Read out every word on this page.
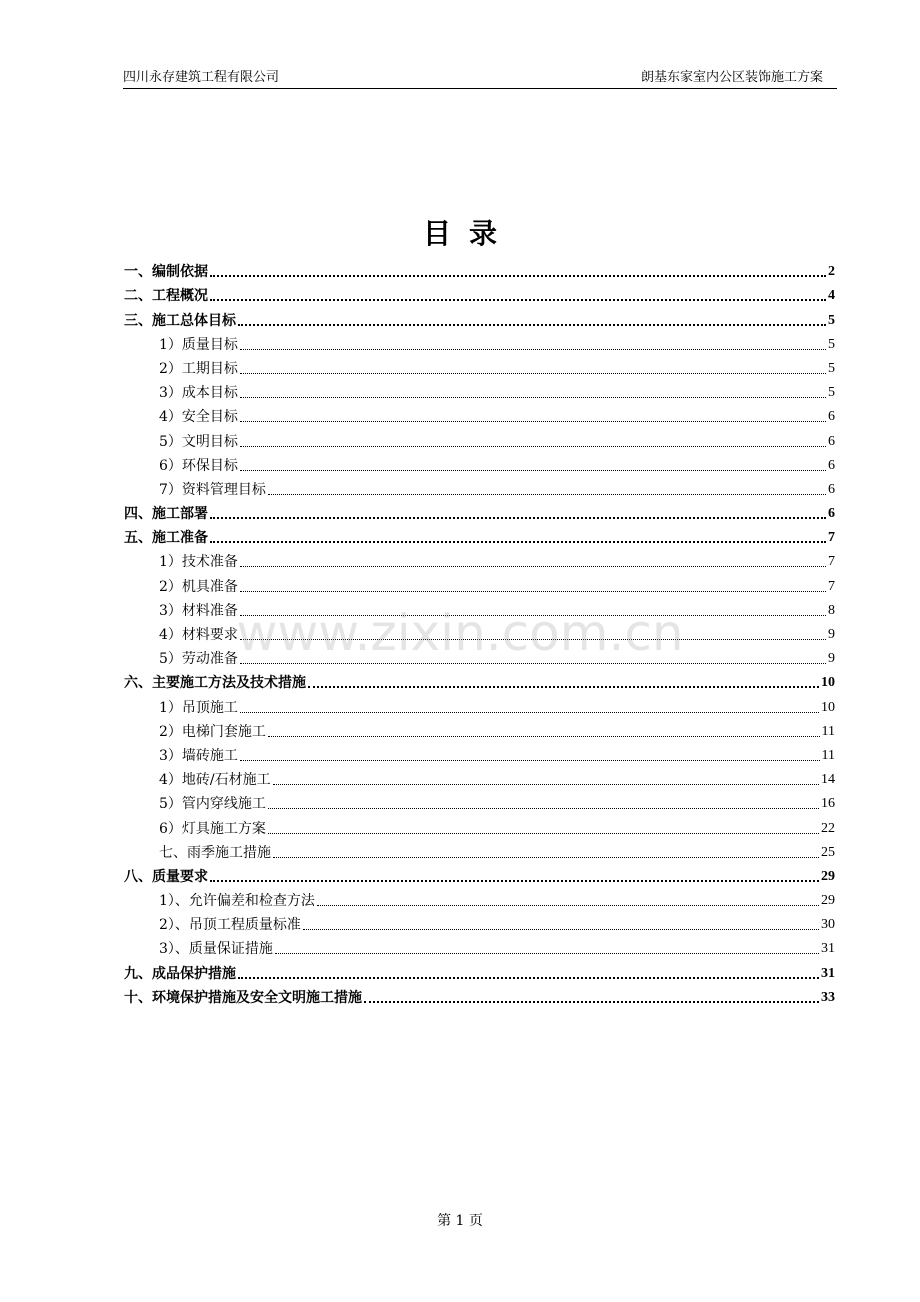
四川永存建筑工程有限公司	朗基东家室内公区装饰施工方案
目录
一、编制依据	2
二、工程概况	4
三、施工总体目标	5
1）质量目标	5
2）工期目标	5
3）成本目标	5
4）安全目标	6
5）文明目标	6
6）环保目标	6
7）资料管理目标	6
四、施工部署	6
五、施工准备	7
1）技术准备	7
2）机具准备	7
3）材料准备	8
4）材料要求	9
5）劳动准备	9
六、主要施工方法及技术措施	10
1）吊顶施工	10
2）电梯门套施工	11
3）墙砖施工	11
4）地砖/石材施工	14
5）管内穿线施工	16
6）灯具施工方案	22
七、雨季施工措施	25
八、质量要求	29
1）、允许偏差和检查方法	29
2）、吊顶工程质量标准	30
3）、质量保证措施	31
九、成品保护措施	31
十、环境保护措施及安全文明施工措施	33
www.zixin.com.cn
第 1 页
